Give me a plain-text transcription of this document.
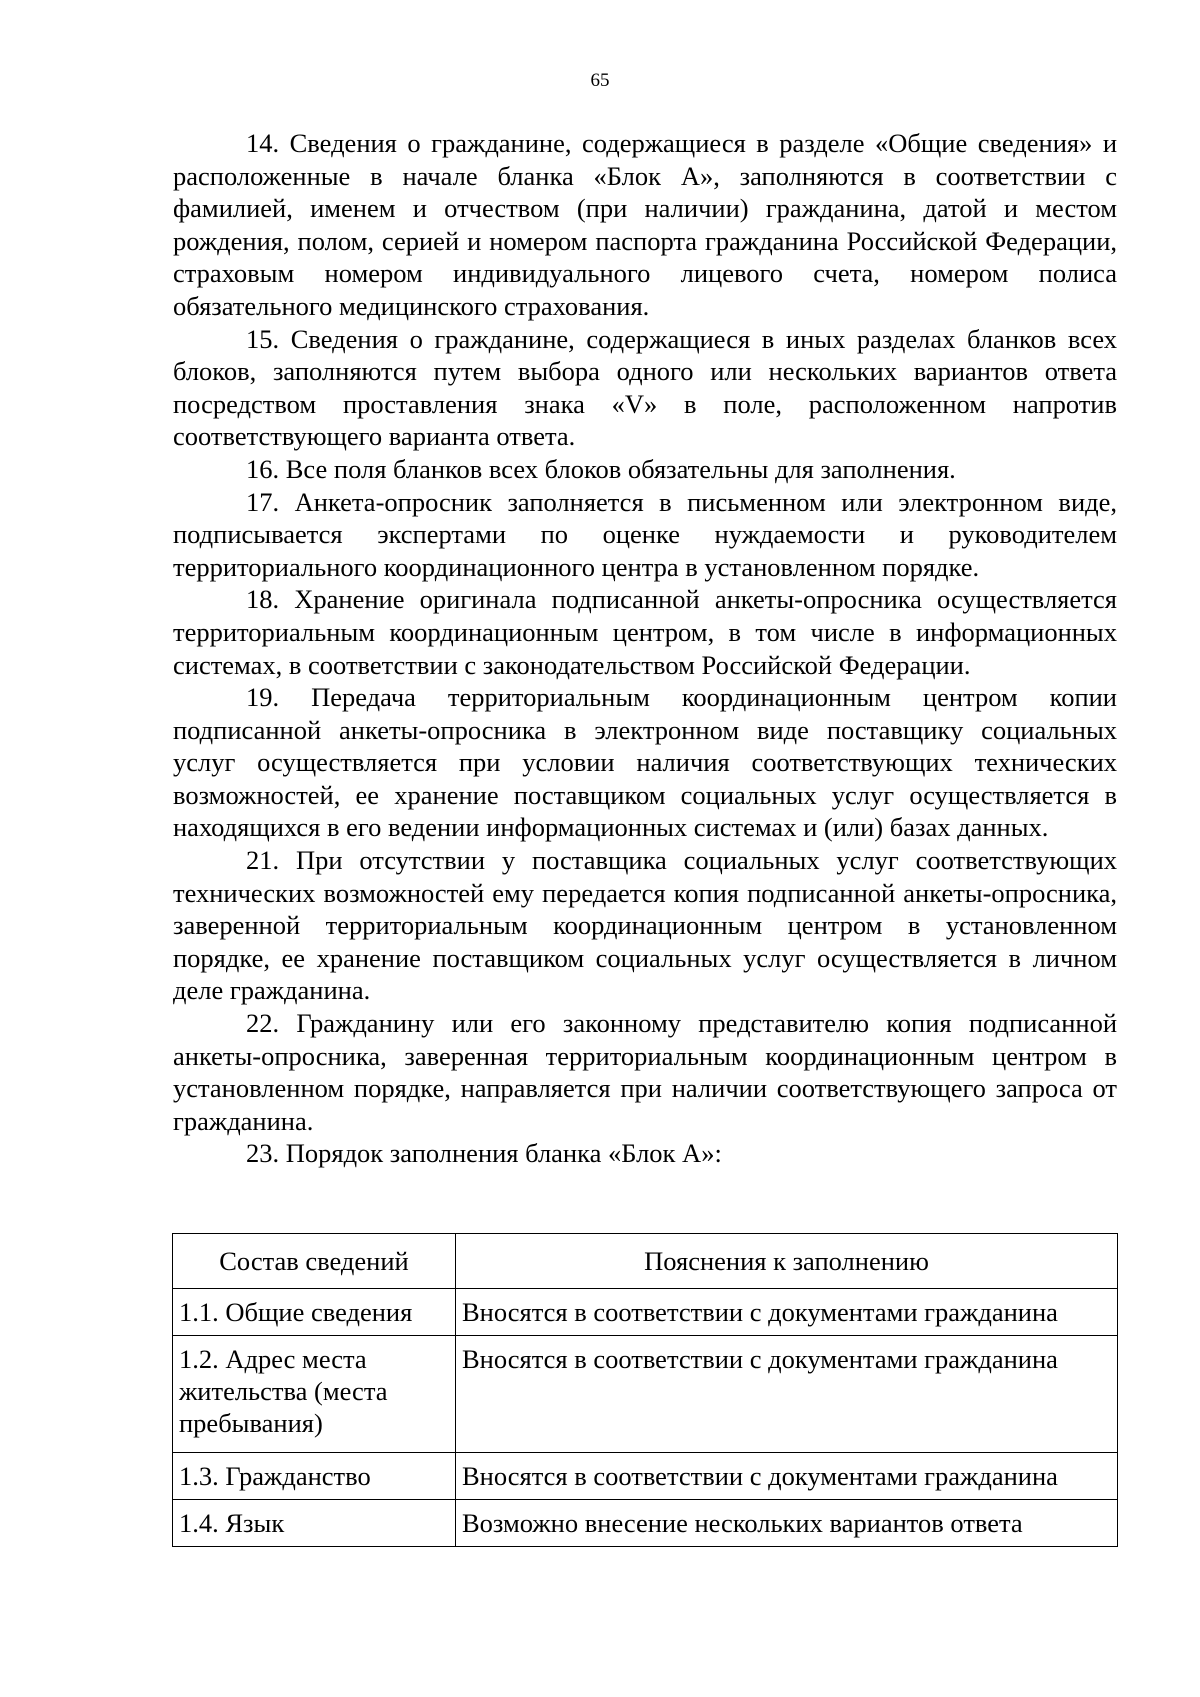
65

14. Сведения о гражданине, содержащиеся в разделе «Общие сведения» и расположенные в начале бланка «Блок А», заполняются в соответствии с фамилией, именем и отчеством (при наличии) гражданина, датой и местом рождения, полом, серией и номером паспорта гражданина Российской Федерации, страховым номером индивидуального лицевого счета, номером полиса обязательного медицинского страхования.

15. Сведения о гражданине, содержащиеся в иных разделах бланков всех блоков, заполняются путем выбора одного или нескольких вариантов ответа посредством проставления знака «V» в поле, расположенном напротив соответствующего варианта ответа.

16. Все поля бланков всех блоков обязательны для заполнения.

17. Анкета-опросник заполняется в письменном или электронном виде, подписывается экспертами по оценке нуждаемости и руководителем территориального координационного центра в установленном порядке.

18. Хранение оригинала подписанной анкеты-опросника осуществляется территориальным координационным центром, в том числе в информационных системах, в соответствии с законодательством Российской Федерации.

19. Передача территориальным координационным центром копии подписанной анкеты-опросника в электронном виде поставщику социальных услуг осуществляется при условии наличия соответствующих технических возможностей, ее хранение поставщиком социальных услуг осуществляется в находящихся в его ведении информационных системах и (или) базах данных.

21. При отсутствии у поставщика социальных услуг соответствующих технических возможностей ему передается копия подписанной анкеты-опросника, заверенной территориальным координационным центром в установленном порядке, ее хранение поставщиком социальных услуг осуществляется в личном деле гражданина.

22. Гражданину или его законному представителю копия подписанной анкеты-опросника, заверенная территориальным координационным центром в установленном порядке, направляется при наличии соответствующего запроса от гражданина.

23. Порядок заполнения бланка «Блок А»:

Состав сведений	Пояснения к заполнению
1.1. Общие сведения	Вносятся в соответствии с документами гражданина
1.2. Адрес места жительства (места пребывания)	Вносятся в соответствии с документами гражданина
1.3. Гражданство	Вносятся в соответствии с документами гражданина
1.4. Язык	Возможно внесение нескольких вариантов ответа
